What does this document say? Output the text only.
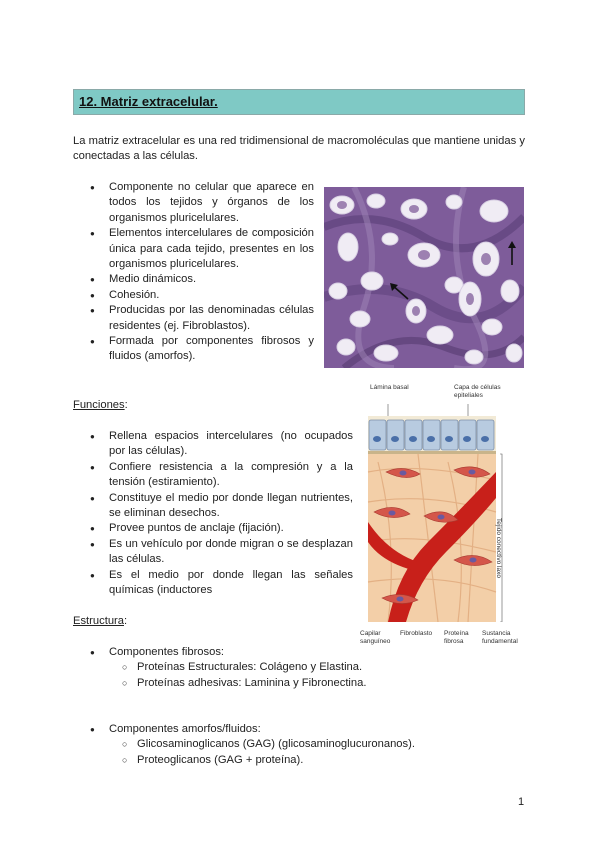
12. Matriz extracelular.
La matriz extracelular es una red tridimensional de macromoléculas que mantiene unidas y conectadas a las células.
● Componente no celular que aparece en todos los tejidos y órganos de los organismos pluricelulares.
● Elementos intercelulares de composición única para cada tejido, presentes en los organismos pluricelulares.
● Medio dinámicos.
● Cohesión.
● Producidas por las denominadas células residentes (ej. Fibroblastos).
● Formada por componentes fibrosos y fluidos (amorfos).
Funciones:
● Rellena espacios intercelulares (no ocupados por las células).
● Confiere resistencia a la compresión y a la tensión (estiramiento).
● Constituye el medio por donde llegan nutrientes, se eliminan desechos.
● Provee puntos de anclaje (fijación).
● Es un vehículo por donde migran o se desplazan las células.
● Es el medio por donde llegan las señales químicas (inductores
Lámina basal	Capa de células epiteliales
Tejido conectivo laxo
Capilar sanguíneo
Fibroblasto	Proteína fibrosa
Sustancia fundamental
Estructura:
● Componentes fibrosos:
○ Proteínas Estructurales: Colágeno y Elastina.
○ Proteínas adhesivas: Laminina y Fibronectina.
● Componentes amorfos/fluidos:
○ Glicosaminoglicanos (GAG) (glicosaminoglucuronanos).
○ Proteoglicanos (GAG + proteína).
1
